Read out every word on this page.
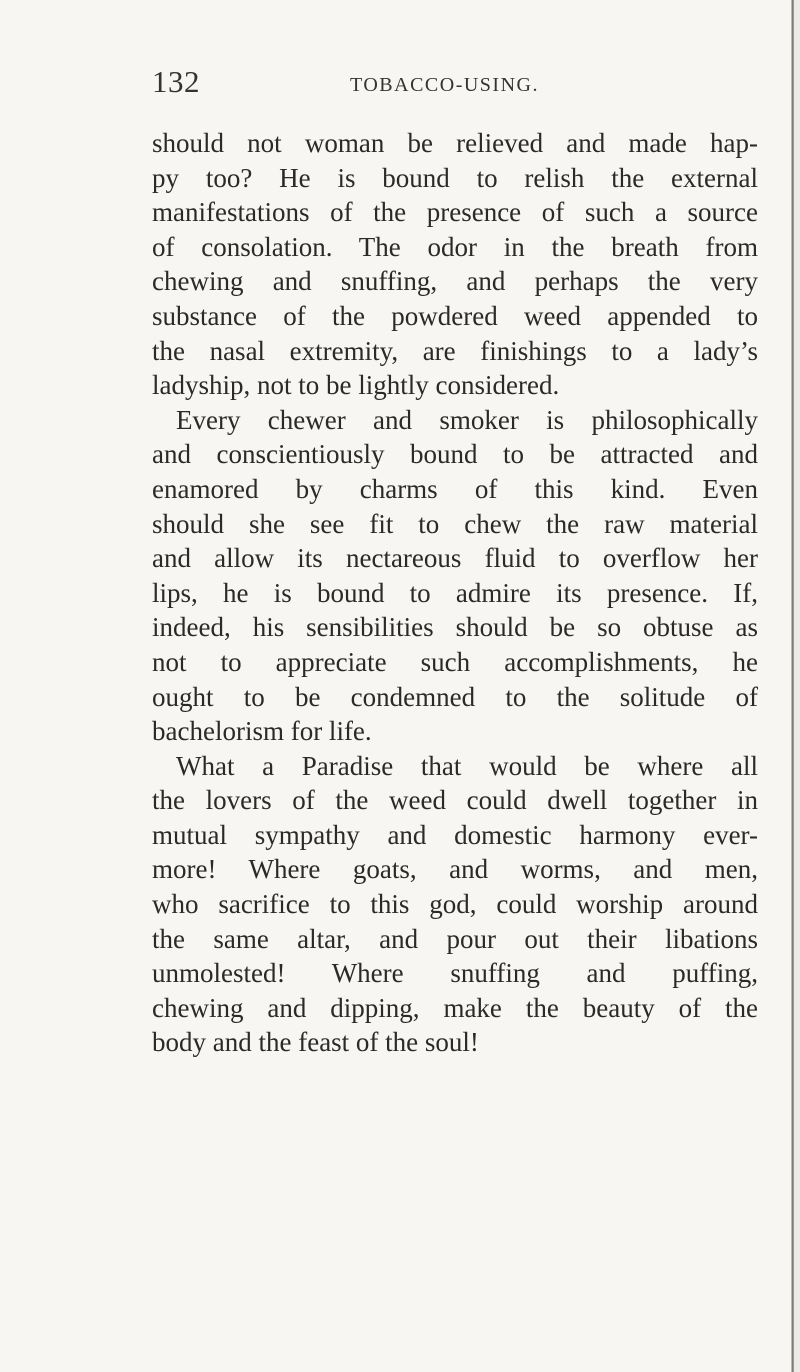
132	TOBACCO-USING.
should not woman be relieved and made hap-
py too? He is bound to relish the external
manifestations of the presence of such a source
of consolation. The odor in the breath from
chewing and snuffing, and perhaps the very
substance of the powdered weed appended to
the nasal extremity, are finishings to a lady’s
ladyship, not to be lightly considered.
Every chewer and smoker is philosophically
and conscientiously bound to be attracted and
enamored by charms of this kind. Even
should she see fit to chew the raw material
and allow its nectareous fluid to overflow her
lips, he is bound to admire its presence. If,
indeed, his sensibilities should be so obtuse as
not to appreciate such accomplishments, he
ought to be condemned to the solitude of
bachelorism for life.
What a Paradise that would be where all
the lovers of the weed could dwell together in
mutual sympathy and domestic harmony ever-
more! Where goats, and worms, and men,
who sacrifice to this god, could worship around
the same altar, and pour out their libations
unmolested! Where snuffing and puffing,
chewing and dipping, make the beauty of the
body and the feast of the soul!
